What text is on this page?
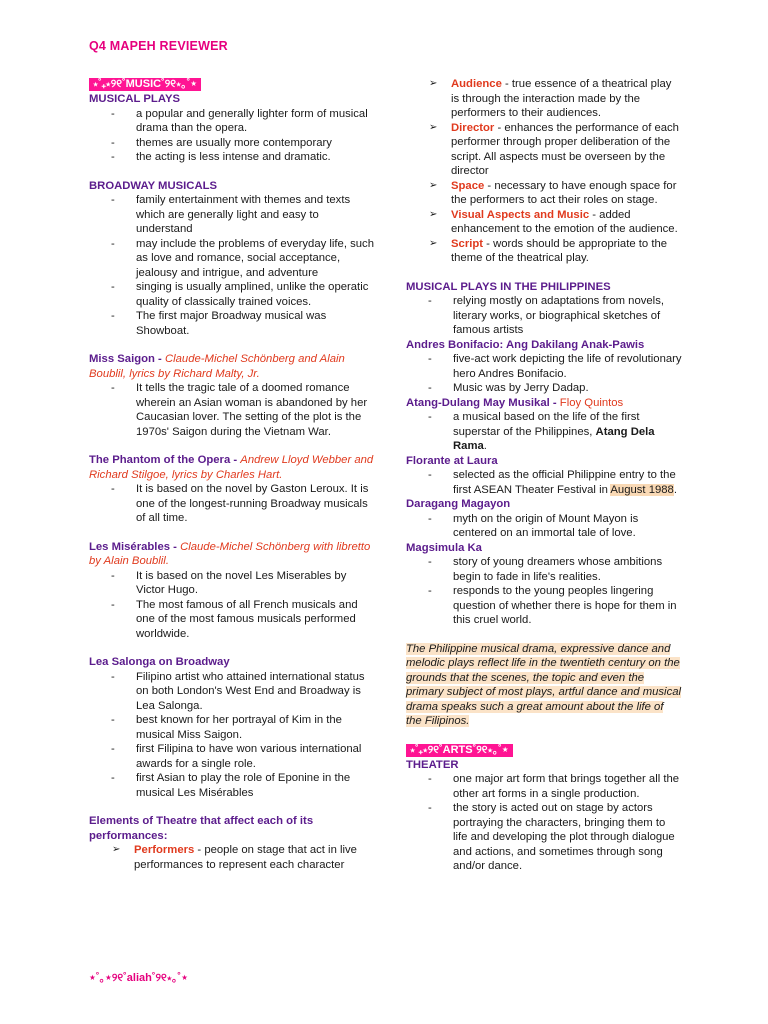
Q4 MAPEH REVIEWER
⋆˚₊⋆୨୧˚MUSIC˚୨୧⋆｡˚⋆
MUSICAL PLAYS
- a popular and generally lighter form of musical drama than the opera.
- themes are usually more contemporary
- the acting is less intense and dramatic.
BROADWAY MUSICALS
- family entertainment with themes and texts which are generally light and easy to understand
- may include the problems of everyday life, such as love and romance, social acceptance, jealousy and intrigue, and adventure
- singing is usually amplined, unlike the operatic quality of classically trained voices.
- The first major Broadway musical was Showboat.
Miss Saigon - Claude-Michel Schönberg and Alain Boublil, lyrics by Richard Malty, Jr.
- It tells the tragic tale of a doomed romance wherein an Asian woman is abandoned by her Caucasian lover. The setting of the plot is the 1970s' Saigon during the Vietnam War.
The Phantom of the Opera - Andrew Lloyd Webber and Richard Stilgoe, lyrics by Charles Hart.
- It is based on the novel by Gaston Leroux. It is one of the longest-running Broadway musicals of all time.
Les Misérables - Claude-Michel Schönberg with libretto by Alain Boublil.
- It is based on the novel Les Miserables by Victor Hugo.
- The most famous of all French musicals and one of the most famous musicals performed worldwide.
Lea Salonga on Broadway
- Filipino artist who attained international status on both London's West End and Broadway is Lea Salonga.
- best known for her portrayal of Kim in the musical Miss Saigon.
- first Filipina to have won various international awards for a single role.
- first Asian to play the role of Eponine in the musical Les Misérables
Elements of Theatre that affect each of its performances:
➢ Performers - people on stage that act in live performances to represent each character
➢ Audience - true essence of a theatrical play is through the interaction made by the performers to their audiences.
➢ Director - enhances the performance of each performer through proper deliberation of the script. All aspects must be overseen by the director
➢ Space - necessary to have enough space for the performers to act their roles on stage.
➢ Visual Aspects and Music - added enhancement to the emotion of the audience.
➢ Script - words should be appropriate to the theme of the theatrical play.
MUSICAL PLAYS IN THE PHILIPPINES
- relying mostly on adaptations from novels, literary works, or biographical sketches of famous artists
Andres Bonifacio: Ang Dakilang Anak-Pawis
- five-act work depicting the life of revolutionary hero Andres Bonifacio.
- Music was by Jerry Dadap.
Atang-Dulang May Musikal - Floy Quintos
- a musical based on the life of the first superstar of the Philippines, Atang Dela Rama.
Florante at Laura
- selected as the official Philippine entry to the first ASEAN Theater Festival in August 1988.
Daragang Magayon
- myth on the origin of Mount Mayon is centered on an immortal tale of love.
Magsimula Ka
- story of young dreamers whose ambitions begin to fade in life's realities.
- responds to the young peoples lingering question of whether there is hope for them in this cruel world.
The Philippine musical drama, expressive dance and melodic plays reflect life in the twentieth century on the grounds that the scenes, the topic and even the primary subject of most plays, artful dance and musical drama speaks such a great amount about the life of the Filipinos.
⋆˚₊⋆୨୧˚ARTS˚୨୧⋆｡˚⋆
THEATER
- one major art form that brings together all the other art forms in a single production.
- the story is acted out on stage by actors portraying the characters, bringing them to life and developing the plot through dialogue and actions, and sometimes through song and/or dance.
⋆˚｡⋆୨୧˚aliah˚୨୧⋆｡˚⋆
